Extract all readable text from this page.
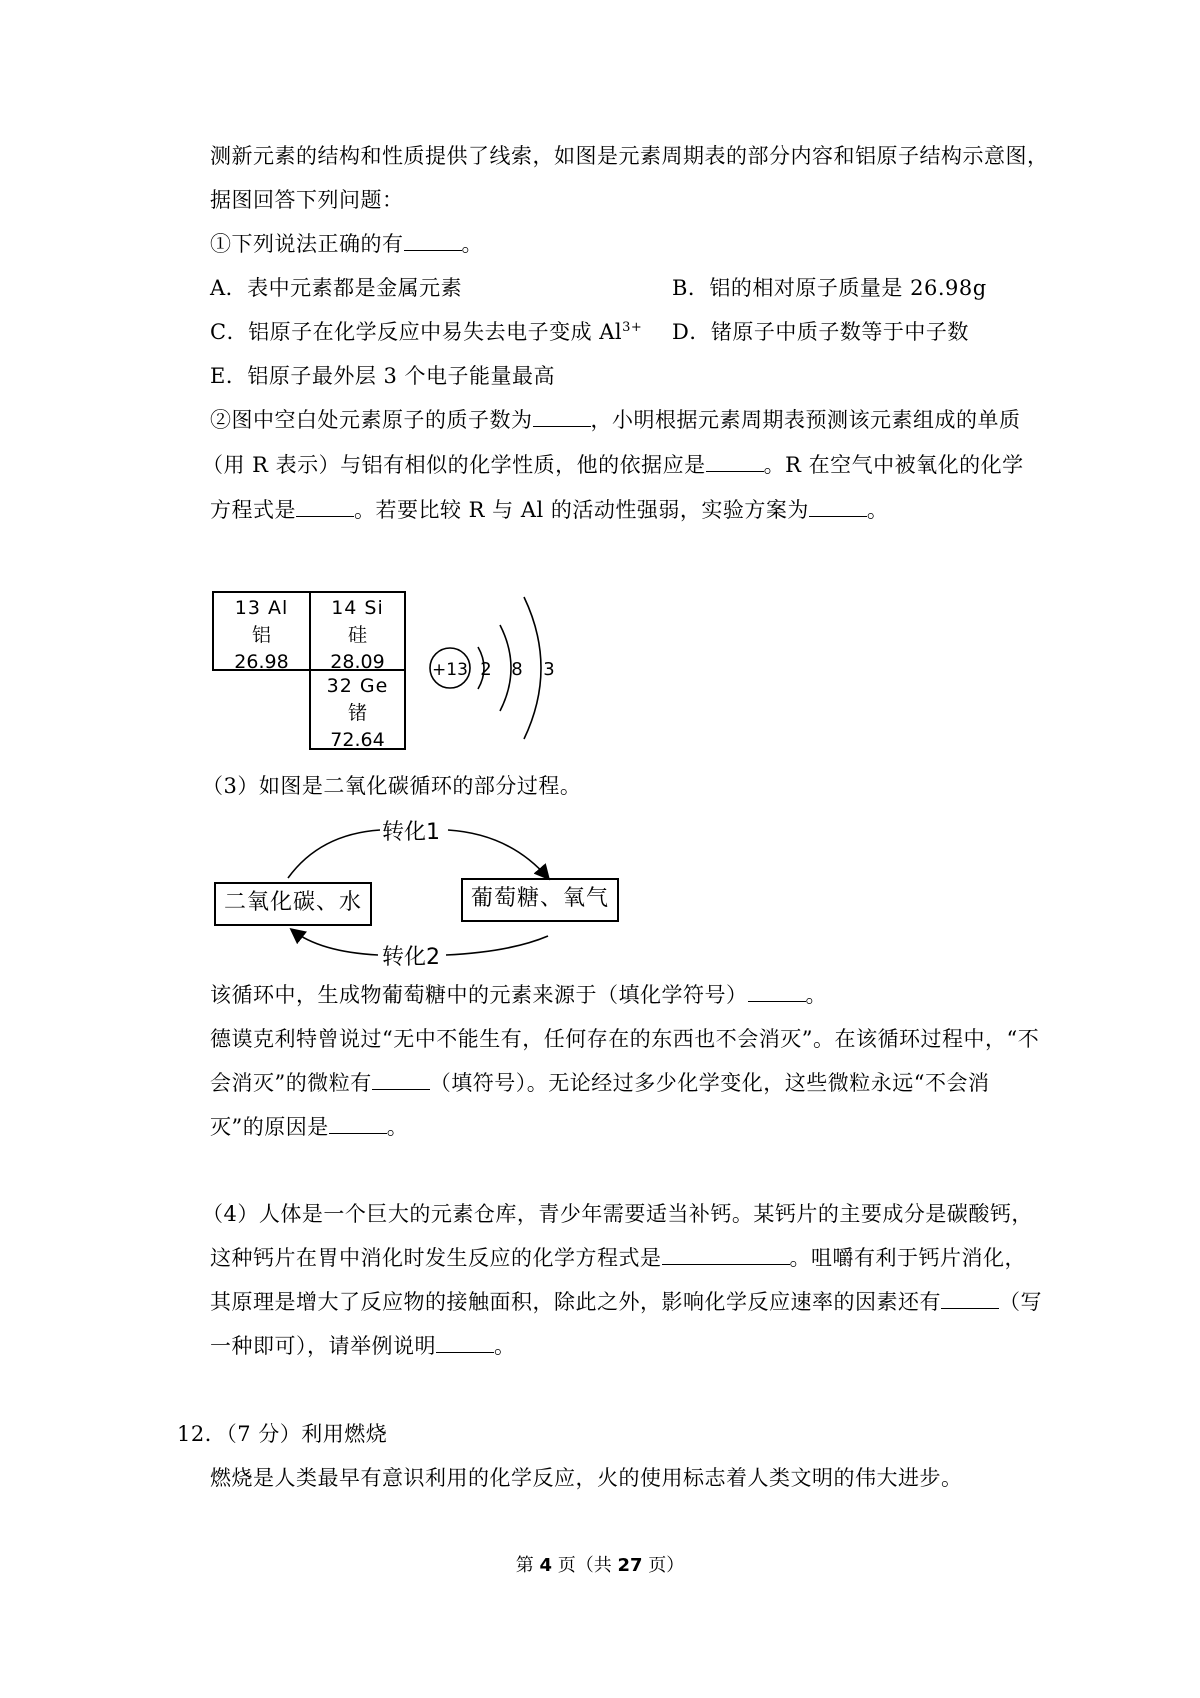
测新元素的结构和性质提供了线索，如图是元素周期表的部分内容和铝原子结构示意图，
据图回答下列问题：
①下列说法正确的有	。
A．表中元素都是金属元素	B．铝的相对原子质量是 26.98g
C．铝原子在化学反应中易失去电子变成 $Al^{3+}$ D．锗原子中质子数等于中子数
E．铝原子最外层 3 个电子能量最高
②图中空白处元素原子的质子数为	，小明根据元素周期表预测该元素组成的单质
（用 R 表示）与铝有相似的化学性质，他的依据应是	。R 在空气中被氧化的化学
方程式是	。若要比较 R 与 Al 的活动性强弱，实验方案为	。
13 Al
铝
26.98
14 Si
硅
28.09
32 Ge
锗
72.64
+13 2 8 3
（3）如图是二氧化碳循环的部分过程。
转化1
转化2
二氧化碳、水	葡萄糖、氧气
该循环中，生成物葡萄糖中的元素来源于（填化学符号）	。
德谟克利特曾说过“无中不能生有，任何存在的东西也不会消灭”。在该循环过程中，“不
会消灭”的微粒有	（填符号）。无论经过多少化学变化，这些微粒永远“不会消
灭”的原因是	。
（4）人体是一个巨大的元素仓库，青少年需要适当补钙。某钙片的主要成分是碳酸钙，
这种钙片在胃中消化时发生反应的化学方程式是	。咀嚼有利于钙片消化，
其原理是增大了反应物的接触面积，除此之外，影响化学反应速率的因素还有	（写
一种即可），请举例说明	。
12．（7 分）利用燃烧
燃烧是人类最早有意识利用的化学反应，火的使用标志着人类文明的伟大进步。
第 4 页（共 27 页）
